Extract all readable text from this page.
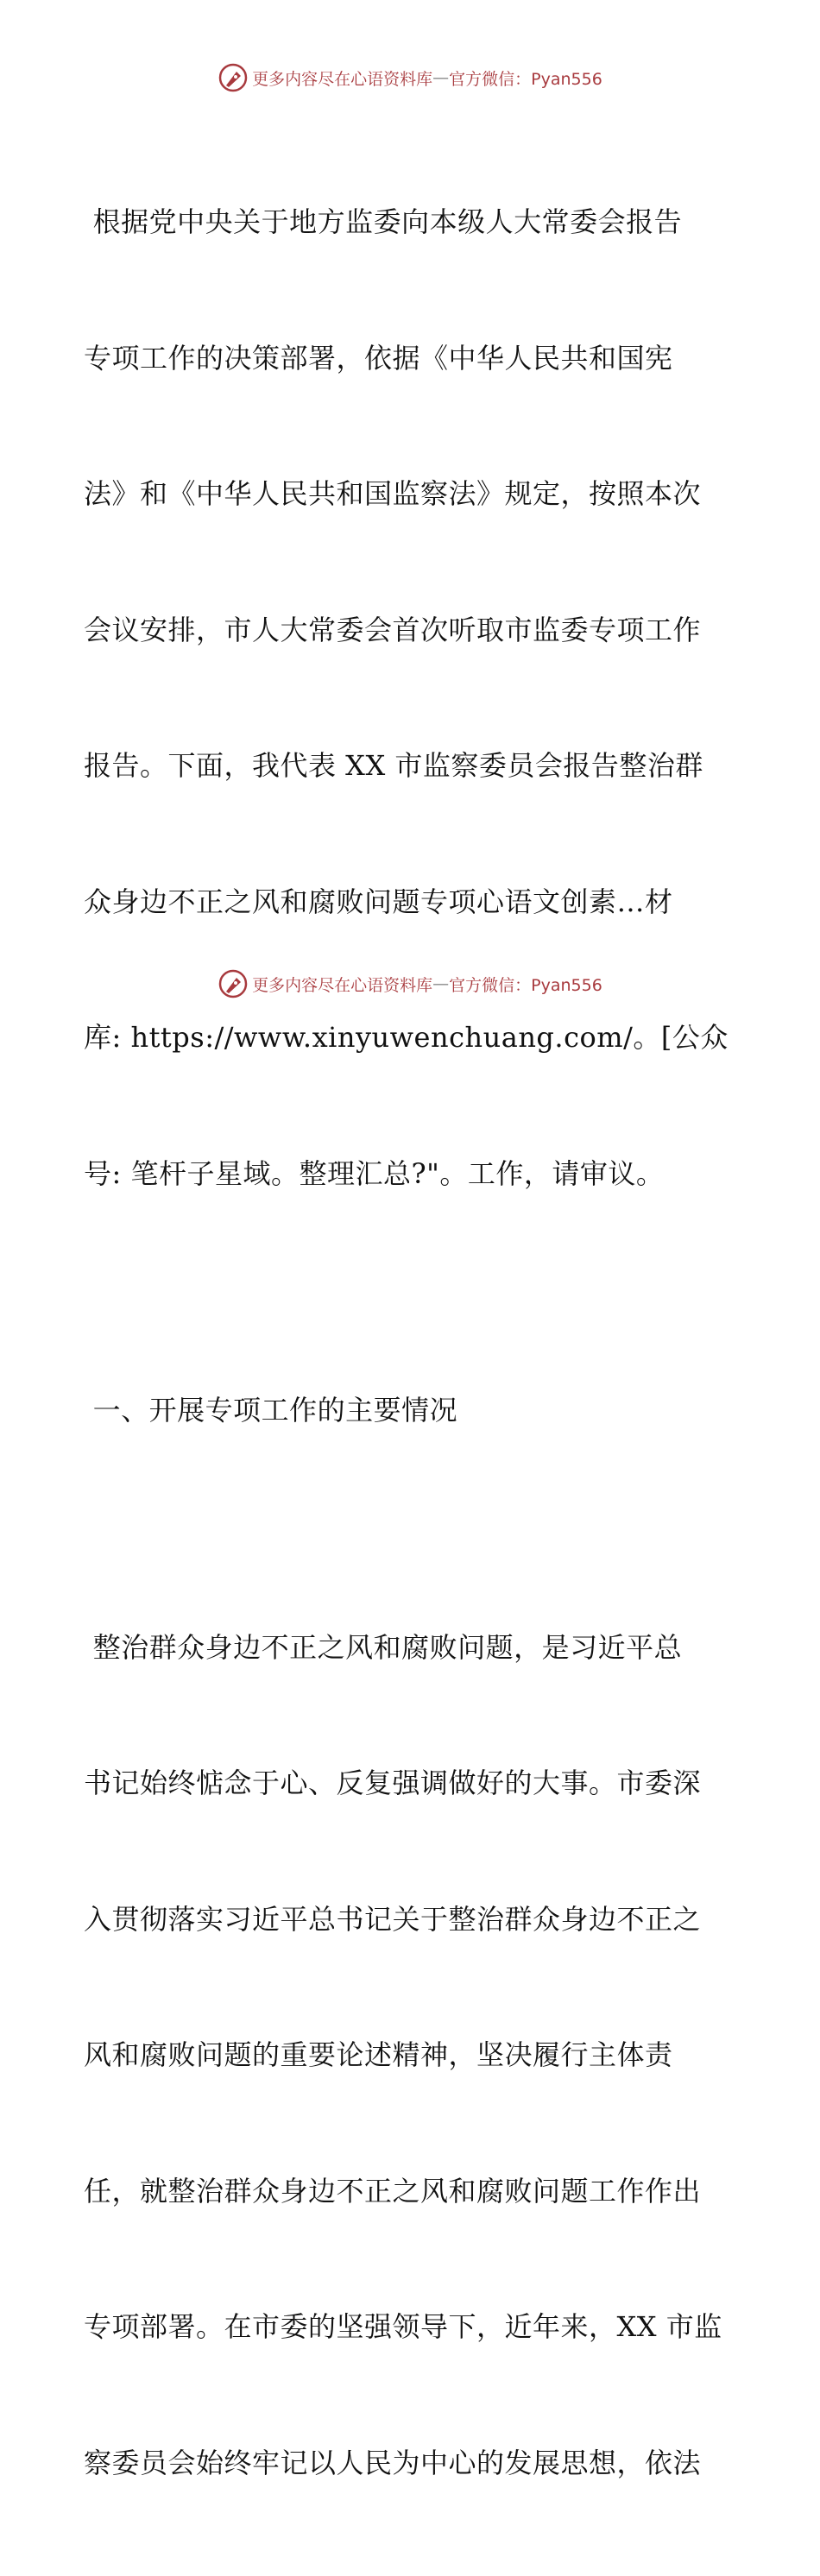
更多内容尽在心语资料库 — 官方微信：Pyan556

根据党中央关于地方监委向本级人大常委会报告

专项工作的决策部署，依据《中华人民共和国宪

法》和《中华人民共和国监察法》规定，按照本次

会议安排，市人大常委会首次听取市监委专项工作

报告。下面，我代表 XX 市监察委员会报告整治群

众身边不正之风和腐败问题专项心语文创素…材

库: https://www.xinyuwenchuang.com/。[公众

号: 笔杆子星域。整理汇总?"。工作，请审议。

一、开展专项工作的主要情况

整治群众身边不正之风和腐败问题，是习近平总

书记始终惦念于心、反复强调做好的大事。市委深

入贯彻落实习近平总书记关于整治群众身边不正之

风和腐败问题的重要论述精神，坚决履行主体责

任，就整治群众身边不正之风和腐败问题工作作出

专项部署。在市委的坚强领导下，近年来，XX 市监

察委员会始终牢记以人民为中心的发展思想，依法

更多内容尽在心语资料库 — 官方微信：Pyan556
